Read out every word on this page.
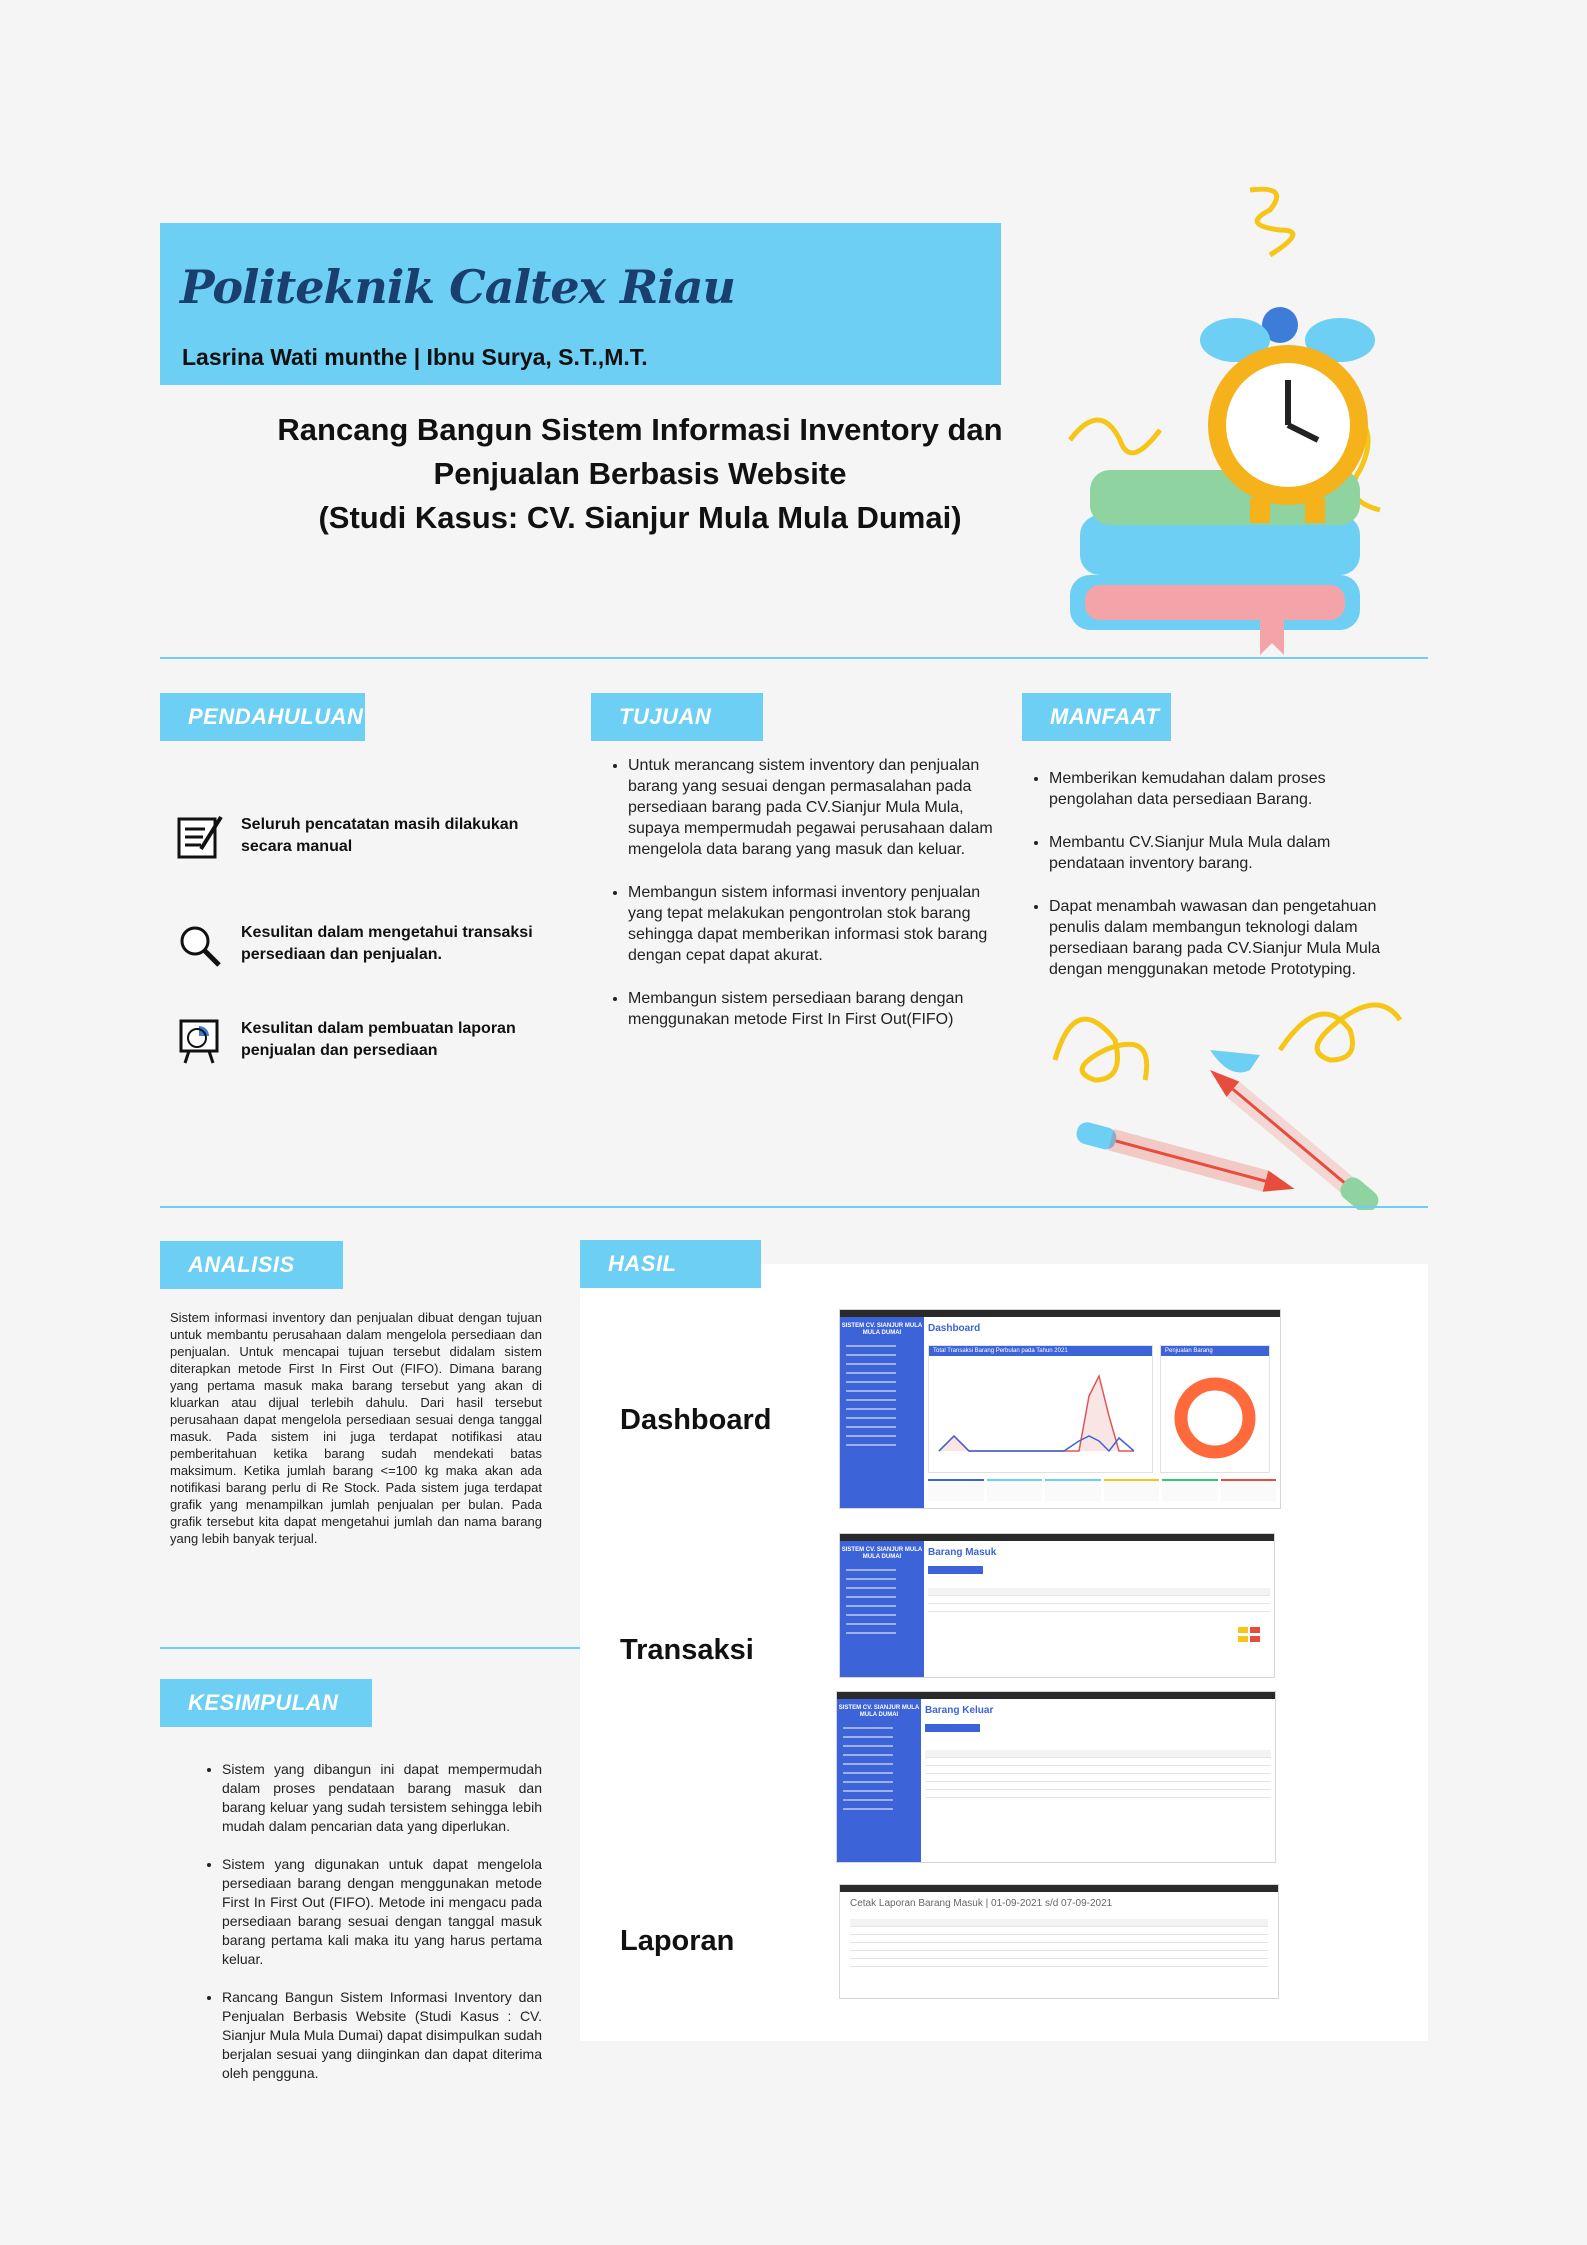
Politeknik Caltex Riau
Lasrina Wati munthe | Ibnu Surya, S.T.,M.T.
Rancang Bangun Sistem Informasi Inventory dan
Penjualan Berbasis Website
(Studi Kasus: CV. Sianjur Mula Mula Dumai)
PENDAHULUAN
Seluruh pencatatan masih dilakukan secara manual
Kesulitan dalam mengetahui transaksi persediaan dan penjualan.
Kesulitan dalam pembuatan laporan penjualan dan persediaan
TUJUAN
• Untuk merancang sistem inventory dan penjualan barang yang sesuai dengan permasalahan pada persediaan barang pada CV.Sianjur Mula Mula, supaya mempermudah pegawai perusahaan dalam mengelola data barang yang masuk dan keluar.
• Membangun sistem informasi inventory penjualan yang tepat melakukan pengontrolan stok barang sehingga dapat memberikan informasi stok barang dengan cepat dapat akurat.
• Membangun sistem persediaan barang dengan menggunakan metode First In First Out(FIFO)
MANFAAT
• Memberikan kemudahan dalam proses pengolahan data persediaan Barang.
• Membantu CV.Sianjur Mula Mula dalam pendataan inventory barang.
• Dapat menambah wawasan dan pengetahuan penulis dalam membangun teknologi dalam persediaan barang pada CV.Sianjur Mula Mula dengan menggunakan metode Prototyping.
ANALISIS
Sistem informasi inventory dan penjualan dibuat dengan tujuan untuk membantu perusahaan dalam mengelola persediaan dan penjualan. Untuk mencapai tujuan tersebut didalam sistem diterapkan metode First In First Out (FIFO). Dimana barang yang pertama masuk maka barang tersebut yang akan di kluarkan atau dijual terlebih dahulu. Dari hasil tersebut perusahaan dapat mengelola persediaan sesuai denga tanggal masuk. Pada sistem ini juga terdapat notifikasi atau pemberitahuan ketika barang sudah mendekati batas maksimum. Ketika jumlah barang <=100 kg maka akan ada notifikasi barang perlu di Re Stock. Pada sistem juga terdapat grafik yang menampilkan jumlah penjualan per bulan. Pada grafik tersebut kita dapat mengetahui jumlah dan nama barang yang lebih banyak terjual.
KESIMPULAN
• Sistem yang dibangun ini dapat mempermudah dalam proses pendataan barang masuk dan barang keluar yang sudah tersistem sehingga lebih mudah dalam pencarian data yang diperlukan.
• Sistem yang digunakan untuk dapat mengelola persediaan barang dengan menggunakan metode First In First Out (FIFO). Metode ini mengacu pada persediaan barang sesuai dengan tanggal masuk barang pertama kali maka itu yang harus pertama keluar.
• Rancang Bangun Sistem Informasi Inventory dan Penjualan Berbasis Website (Studi Kasus : CV. Sianjur Mula Mula Dumai) dapat disimpulkan sudah berjalan sesuai yang diinginkan dan dapat diterima oleh pengguna.
HASIL
Dashboard
Transaksi
Laporan
SISTEM CV. SIANJUR MULA MULA DUMAI	Dashboard
Total Transaksi Barang Perbulan pada Tahun 2021	Penjualan Barang
SISTEM CV. SIANJUR MULA MULA DUMAI	Barang Masuk
SISTEM CV. SIANJUR MULA MULA DUMAI	Barang Keluar
Cetak Laporan Barang Masuk | 01-09-2021 s/d 07-09-2021
